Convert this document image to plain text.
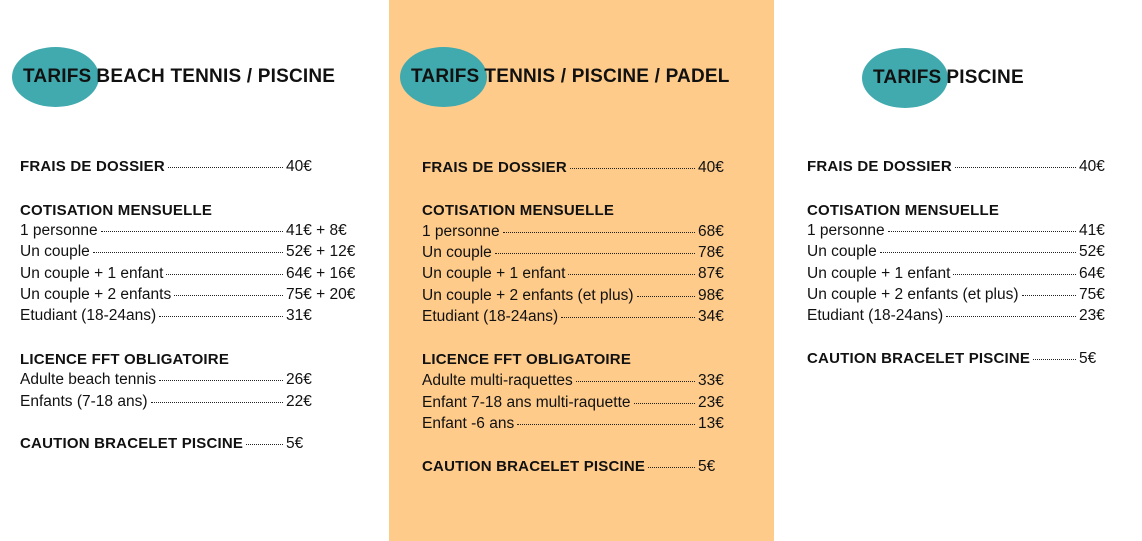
TARIFS BEACH TENNIS / PISCINE
FRAIS DE DOSSIER	40€
COTISATION MENSUELLE
1 personne	41€ + 8€
Un couple	52€ + 12€
Un couple + 1 enfant	64€ + 16€
Un couple + 2 enfants	75€ + 20€
Etudiant (18-24ans)	31€
LICENCE FFT OBLIGATOIRE
Adulte beach tennis	26€
Enfants (7-18 ans)	22€
CAUTION BRACELET PISCINE	5€
TARIFS TENNIS / PISCINE / PADEL
FRAIS DE DOSSIER	40€
COTISATION MENSUELLE
1 personne	68€
Un couple	78€
Un couple + 1 enfant	87€
Un couple + 2 enfants (et plus)	98€
Etudiant (18-24ans)	34€
LICENCE FFT OBLIGATOIRE
Adulte multi-raquettes	33€
Enfant 7-18 ans multi-raquette	23€
Enfant -6 ans	13€
CAUTION BRACELET PISCINE	5€
TARIFS PISCINE
FRAIS DE DOSSIER	40€
COTISATION MENSUELLE
1 personne	41€
Un couple	52€
Un couple + 1 enfant	64€
Un couple + 2 enfants (et plus)	75€
Etudiant (18-24ans)	23€
CAUTION BRACELET PISCINE	5€
